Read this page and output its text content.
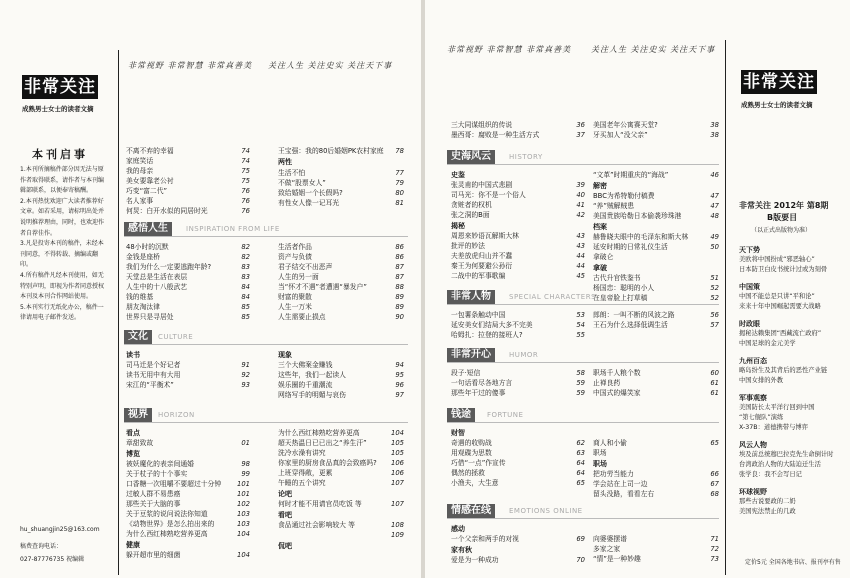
非常视野 非常智慧 非常真善美 关注人生 关注史实 关注天下事
非常关注
成熟男士女士的读者文摘
本刊启事

1.本刊所摘稿件部分因无法与原作者取得联系，请作者与本刊编辑部联系，以便奉寄稿酬。

2.本刊热忱欢迎广大读者推荐好文章。如若采用，请标明出处并说明推荐理由，同时，也欢迎作者自荐佳作。

3.凡是投寄本刊的稿件，未经本刊同意，不得转载、摘编或翻印。

4.所有稿件凡经本刊使用，如无特别声明，即视为作者同意授权本刊及本刊合作网站使用。

5.本刊实行无纸化办公，稿件一律请用电子邮件发送。

hu_shuangjin25@163.com
稿费查询电话：
027-87776735 祝编辑
不离不弃的幸福	74
家庭笑话	74
我的母亲	75
美女要靠老公衬	75
巧变“富二代”	76
名人家事	76
何炅：白开水似的同居时光	76
王宝强：我的80后婚姻PK农村家庭 78
两性
生活不怕	77
不做“股票女人”	79
致给婚姻一个长假吗?	80
有性女人像一记耳光	81
感悟人生	INSPIRATION FROM LIFE
48小时的沉默	82
金钱是座桥	82
我们为什么一定要逃跑年龄?	83
天堂总是生活在表层	83
人生中的十八般武艺	84
钱的维基	84
朋友淘汰律	85
世界只是寻居处	85
生活者作品	86
资产与负债	86
君子结交不出恶声	87
人生的另一面	87
当“怀才不遇”者遭遇“暴发户”	88
财富的聚散	89
人生一万米	89
人生需要止损点	90
文化	CULTURE
读书
司马迁是个好记者	91
读书无用中有大用	92
宋江的“平衡术”	93
现象
三个大佛案金赚钱	94
这些年，我们一起读人	95
娱乐圈的千重潮流	96
网络写手的明媚与哀伤	97
视界	HORIZON
看点
章甜致故	01
博览
被妖魔化的表亲间通婚	98
关于杖子的十个事实	99
口香糖一次咀嚼不要超过十分钟 101
过敏人群不易患癌	101
那些关于大脑的事	102
关于豆浆的说问说法你知道	103
《动物世界》是怎么拍出来的	103
为什么西红柿熟吃营养更高	104
健康
躲开超市里的细菌	104
为什么西红柿熟吃营养更高	104
超天热温日已已出之“养生汗”	105
洗冷水澡有讲究	105
你家里的厨房食品真的会致癌吗? 106
上班穿得敞，更累	106
午睡的五个讲究	107
论吧
何时才能不用请官员吃饭 等	107
看吧
食品通过社会影响较大 等	108
109
侃吧
非常视野 非常智慧 非常真善美 关注人生 关注史实 关注天下事
非常关注
成熟男士女士的读者文摘
三大同谋组织的传说	36
墨西哥：腐败是一种生活方式	37
美国老年公寓赛天堂?	38
牙买加人“没父亲”	38
史海风云	HISTORY
史鉴
张灵甫的中国式悲剧	39
司马光：你不是一个俗人	40
贪赃者的权机	41
张之洞的B面	42
揭秘
周恩来妙语瓦解斯大林	43
批评的妙法	43
夫差放虎归山并不蠢	44
秦王为何要避公孙衍	44
二战中的军事歌编	45
“文革”时期重庆的“海战”	46
解密
BBC为希特勒付稿费	47
“养”贼解贼患	47
美国贵族哈勒日本偷袭珍珠港	48
档案
赫鲁晓夫眼中的毛泽东和斯大林	49
延安时期的日常礼仪生活	50
拿破仑
拿破
古代升官铁鉴书	51
杨国忠：聪明的小人	52
在皇帝脸上打草稿	52
非常人物	SPECIAL CHARACTERS
一包薯条触动中国	53
延安美女们结局大多不完美	54
哈姆扎：拉登的接班人?	55
郎朗：一叫不断的风波之路	56
王石为什么选择低调生活	57
非常开心	HUMOR
段子·短信	58
一句话看尽各地方言	59
那些年干过的傻事	59
职场千人粮个数	60
止禅良药	61
中国式的爆笑家	61
钱途	FORTUNE
财智
奇遇的收购战	62
用观碟为思数	63
巧借“一点”作宣传	64
偶然的拯救	64
小渔夫，大生意	65
商人和小偷	65
职场
职场
把功劳当能力	66
学会站在上司一边	67
留头没路，看看左右	68
情感在线	EMOTIONS ONLINE
感动
一个父亲和两手的对视	69
家有秋
爱是为一种成功	70
向婆婆摆谱	71
多家之家	72
“情”是一种妙趣	73
非常关注 2012年 第8期
B版要目
（以正式出版物为准）
天下势
美欧将中国扮成“邪恶轴心”
日本防卫白皮书统计过或为刻骨
中国策
中国不能总是只讲“平和论”
来来十年中国崛起需要大战略
时政眼
揭秘达赖集团“西藏流亡政府”
中国足球的金元美学
九州百态
略岛纷生及其背后的恶性产业链
中国女排的外教
军事观察
美国防长太平洋行回到中国
“第七舰队”演练
X-37B：道德携带与博弈
风云人物
埃及前总统穆巴拉克先生命倒计时
台湾政治人物的大陆迫迁生活
张学良：我不会写日记
环球视野
那些古说要政的二奶
美国宪法禁止的几政
定价5元 全国各地书店、报刊亭有售
